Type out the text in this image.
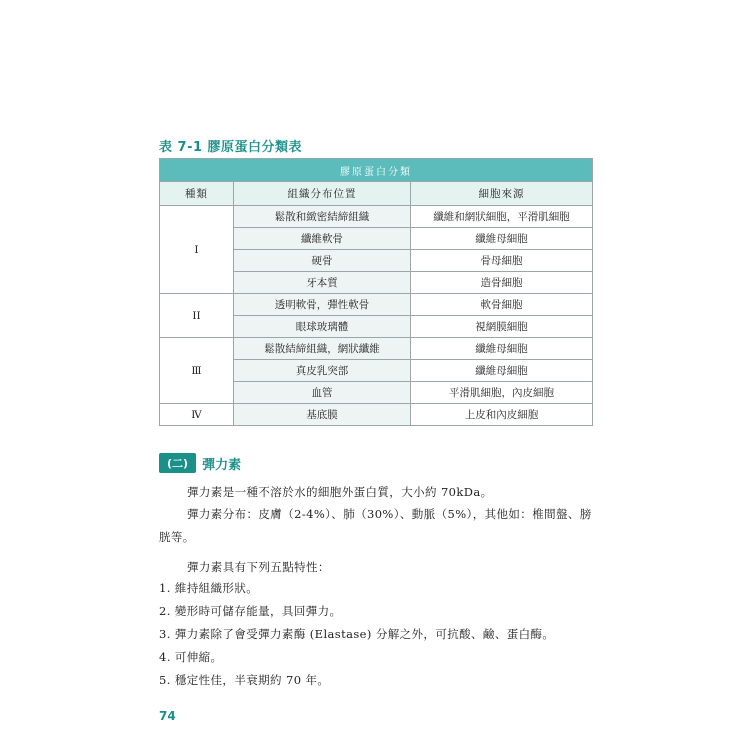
表 7-1 膠原蛋白分類表
膠原蛋白分類		
種類	組織分布位置	細胞來源
I	鬆散和緻密結締組織	纖維和網狀細胞，平滑肌細胞
	纖維軟骨	纖維母細胞
	硬骨	骨母細胞
	牙本質	造骨細胞
II	透明軟骨，彈性軟骨	軟骨細胞
	眼球玻璃體	視網膜細胞
Ⅲ	鬆散結締組織，網狀纖維	纖維母細胞
	真皮乳突部	纖維母細胞
	血管	平滑肌細胞，內皮細胞
Ⅳ	基底膜	上皮和內皮細胞
(二)	彈力素
彈力素是一種不溶於水的細胞外蛋白質，大小約 70kDa。
彈力素分布：皮膚（2-4%）、肺（30%）、動脈（5%），其他如：椎間盤、膀胱等。
彈力素具有下列五點特性：
1. 維持組織形狀。
2. 變形時可儲存能量，具回彈力。
3. 彈力素除了會受彈力素酶 (Elastase) 分解之外，可抗酸、鹼、蛋白酶。
4. 可伸縮。
5. 穩定性佳，半衰期約 70 年。
74
